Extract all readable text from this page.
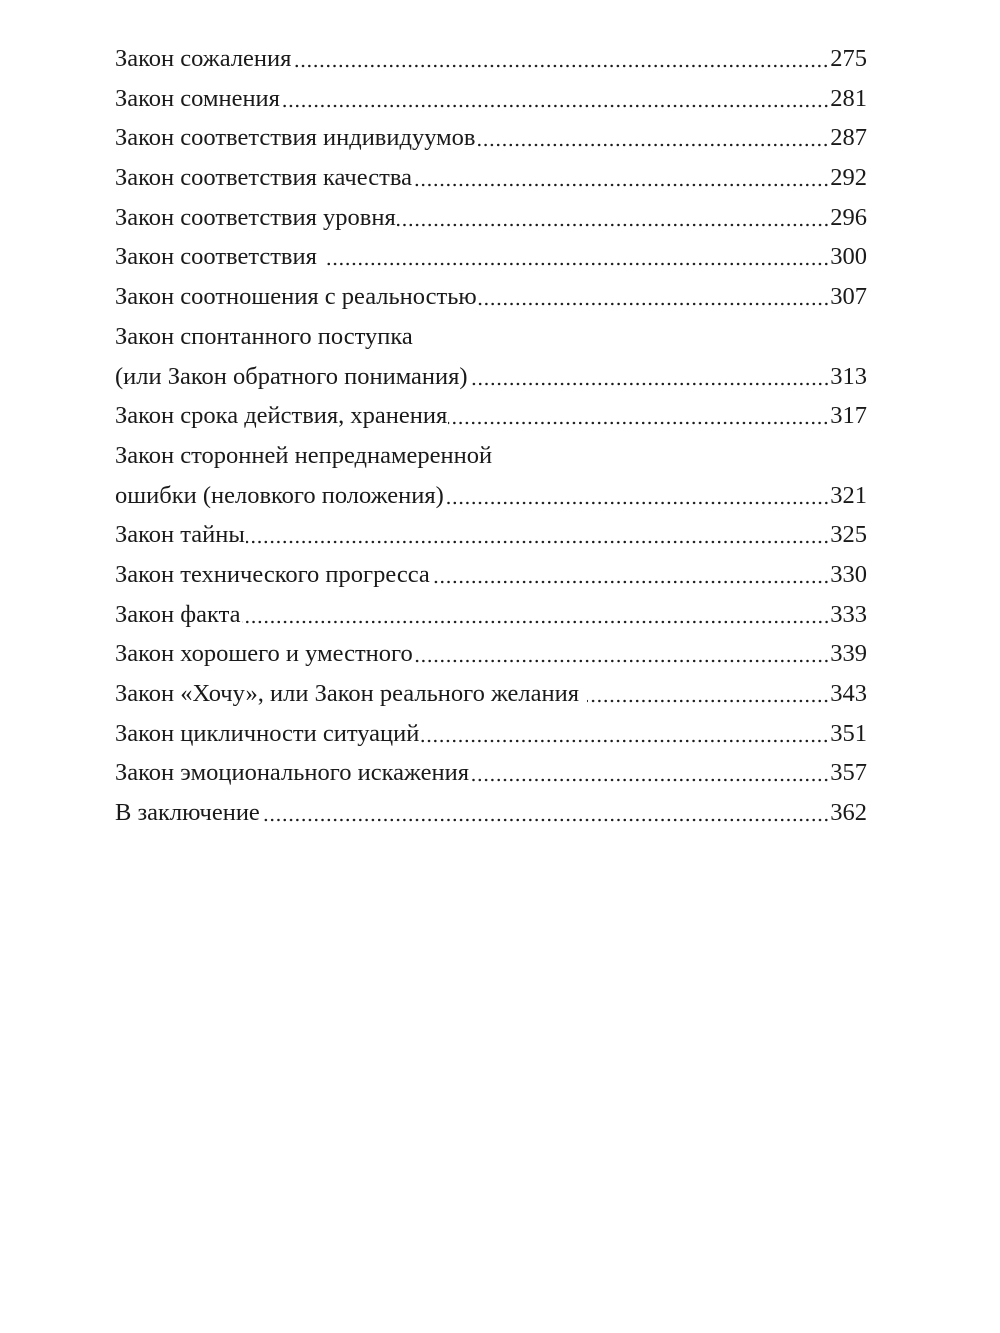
Закон сожаления	275
Закон сомнения	281
Закон соответствия индивидуумов	287
Закон соответствия качества	292
Закон соответствия уровня	296
Закон соответствия	300
Закон соотношения с реальностью	307
Закон спонтанного поступка
(или Закон обратного понимания)	313
Закон срока действия, хранения	317
Закон сторонней непреднамеренной
ошибки (неловкого положения)	321
Закон тайны	325
Закон технического прогресса	330
Закон факта	333
Закон хорошего и уместного	339
Закон «Хочу», или Закон реального желания	343
Закон цикличности ситуаций	351
Закон эмоционального искажения	357
В заключение	362
